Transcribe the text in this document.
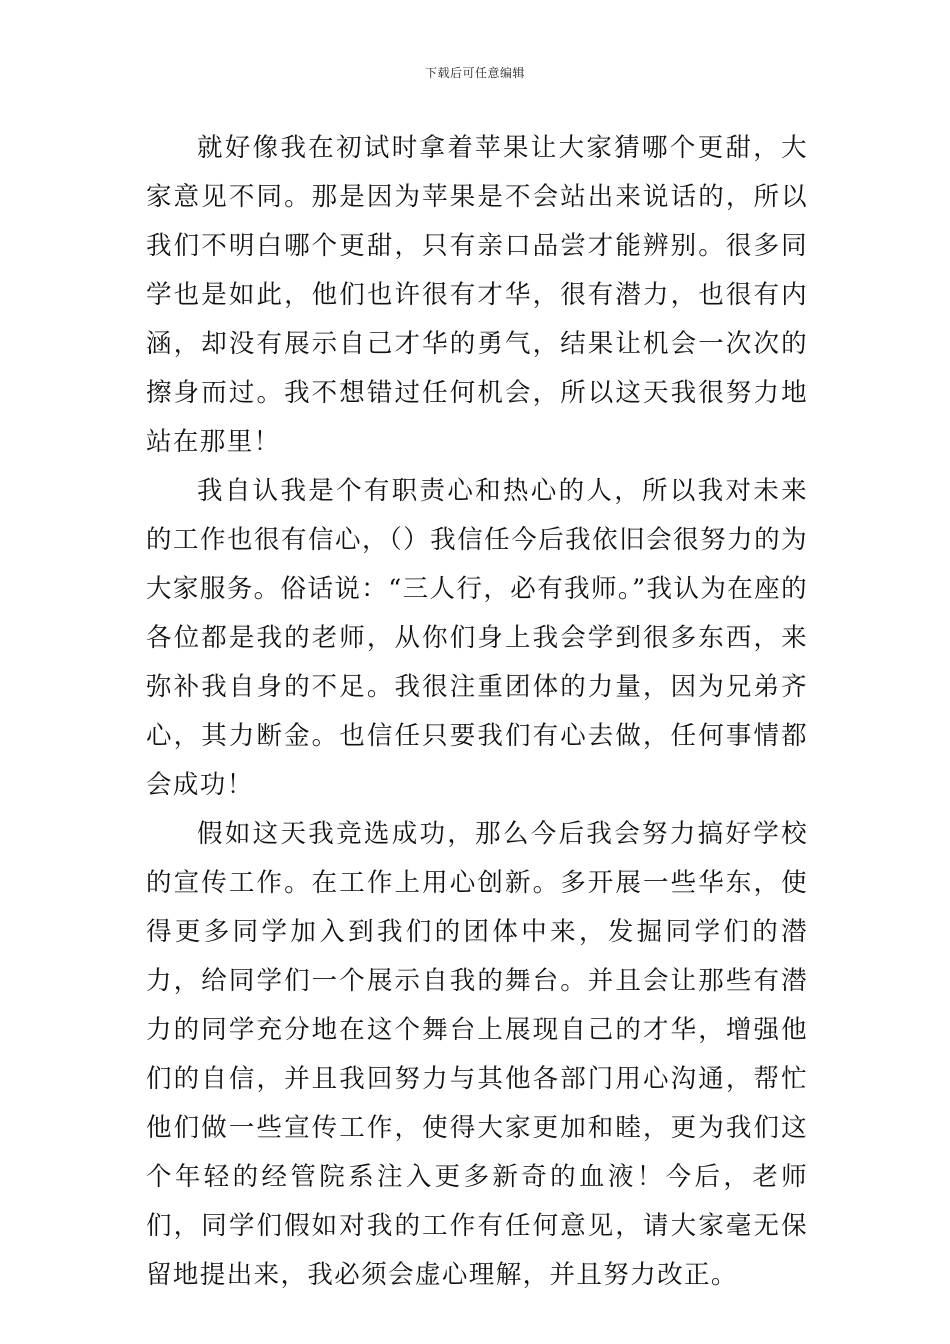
下载后可任意编辑

就好像我在初试时拿着苹果让大家猜哪个更甜，大家意见不同。那是因为苹果是不会站出来说话的，所以我们不明白哪个更甜，只有亲口品尝才能辨别。很多同学也是如此，他们也许很有才华，很有潜力，也很有内涵，却没有展示自己才华的勇气，结果让机会一次次的擦身而过。我不想错过任何机会，所以这天我很努力地站在那里！

我自认我是个有职责心和热心的人，所以我对未来的工作也很有信心，（）我信任今后我依旧会很努力的为大家服务。俗话说：“三人行，必有我师。”我认为在座的各位都是我的老师，从你们身上我会学到很多东西，来弥补我自身的不足。我很注重团体的力量，因为兄弟齐心，其力断金。也信任只要我们有心去做，任何事情都会成功！

假如这天我竞选成功，那么今后我会努力搞好学校的宣传工作。在工作上用心创新。多开展一些华东，使得更多同学加入到我们的团体中来，发掘同学们的潜力，给同学们一个展示自我的舞台。并且会让那些有潜力的同学充分地在这个舞台上展现自己的才华，增强他们的自信，并且我回努力与其他各部门用心沟通，帮忙他们做一些宣传工作，使得大家更加和睦，更为我们这个年轻的经管院系注入更多新奇的血液！今后，老师们，同学们假如对我的工作有任何意见，请大家毫无保留地提出来，我必须会虚心理解，并且努力改正。
